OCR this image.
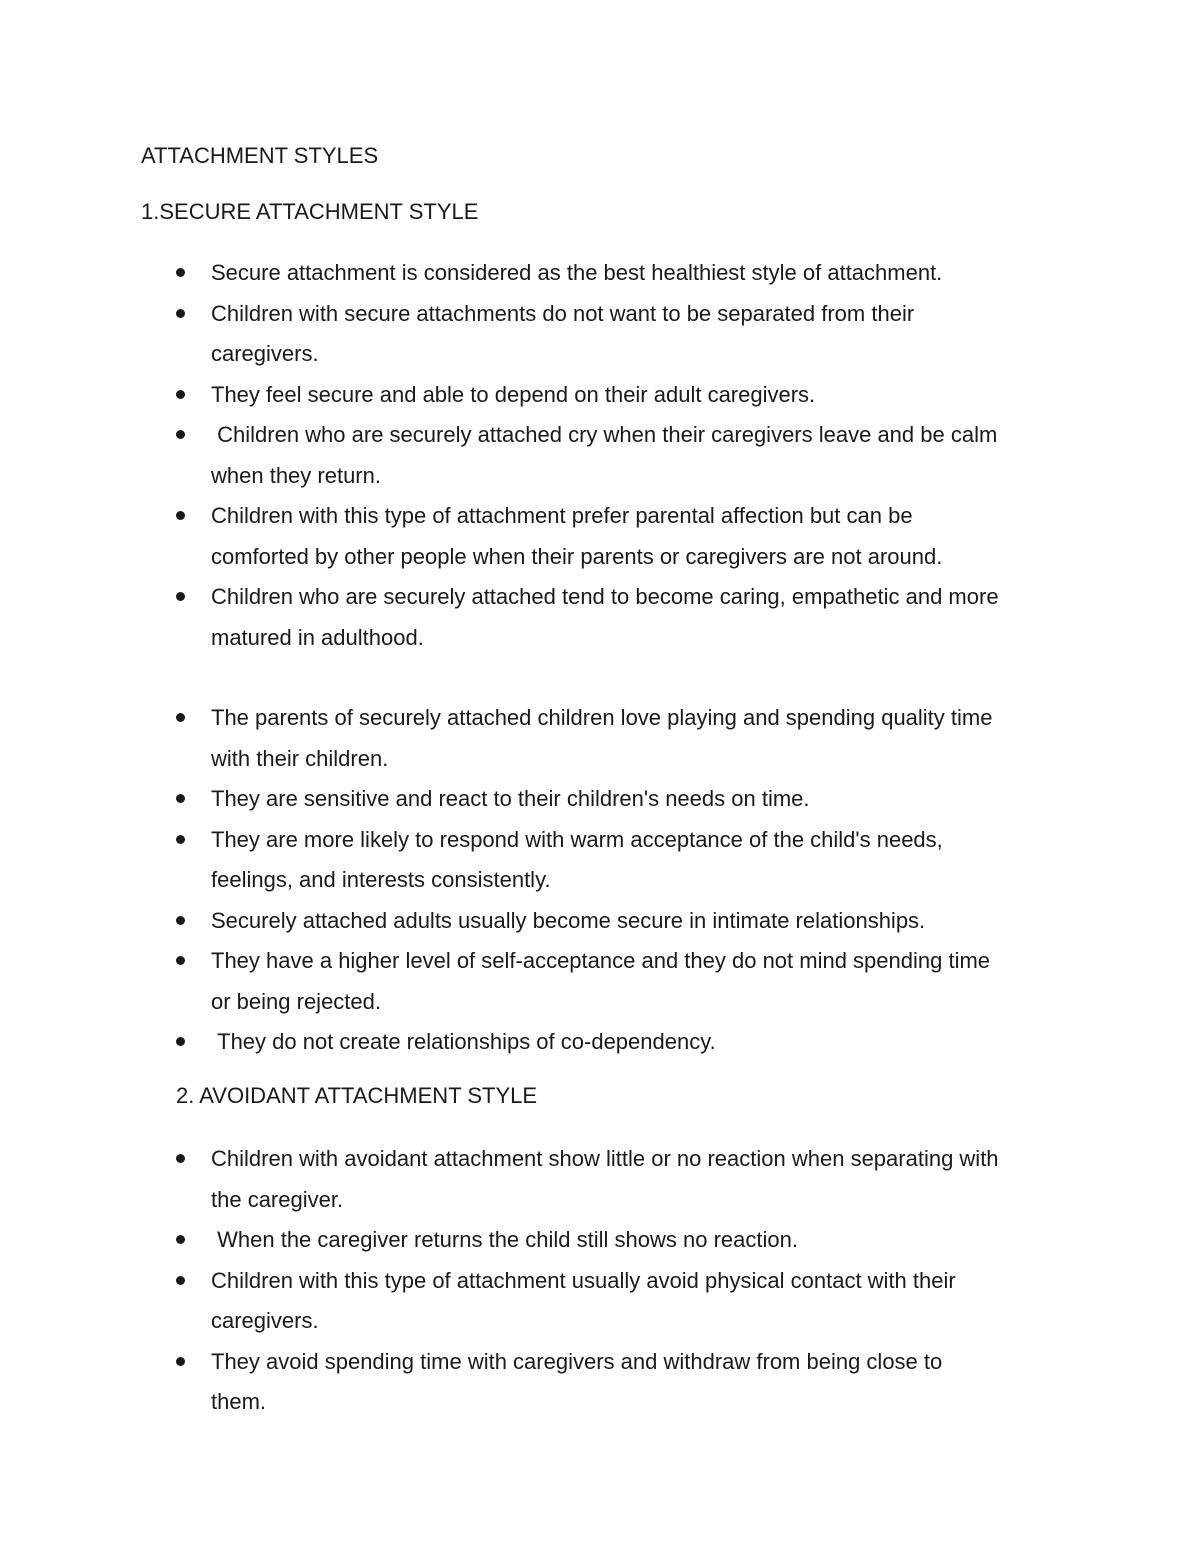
ATTACHMENT STYLES
1.SECURE ATTACHMENT STYLE
Secure attachment is considered as the best healthiest style of attachment.
Children with secure attachments do not want to be separated from their
caregivers.
They feel secure and able to depend on their adult caregivers.
Children who are securely attached cry when their caregivers leave and be calm
when they return.
Children with this type of attachment prefer parental affection but can be
comforted by other people when their parents or caregivers are not around.
Children who are securely attached tend to become caring, empathetic and more
matured in adulthood.
The parents of securely attached children love playing and spending quality time
with their children.
They are sensitive and react to their children's needs on time.
They are more likely to respond with warm acceptance of the child's needs,
feelings, and interests consistently.
Securely attached adults usually become secure in intimate relationships.
They have a higher level of self-acceptance and they do not mind spending time
or being rejected.
They do not create relationships of co-dependency.
2. AVOIDANT ATTACHMENT STYLE
Children with avoidant attachment show little or no reaction when separating with
the caregiver.
When the caregiver returns the child still shows no reaction.
Children with this type of attachment usually avoid physical contact with their
caregivers.
They avoid spending time with caregivers and withdraw from being close to
them.
